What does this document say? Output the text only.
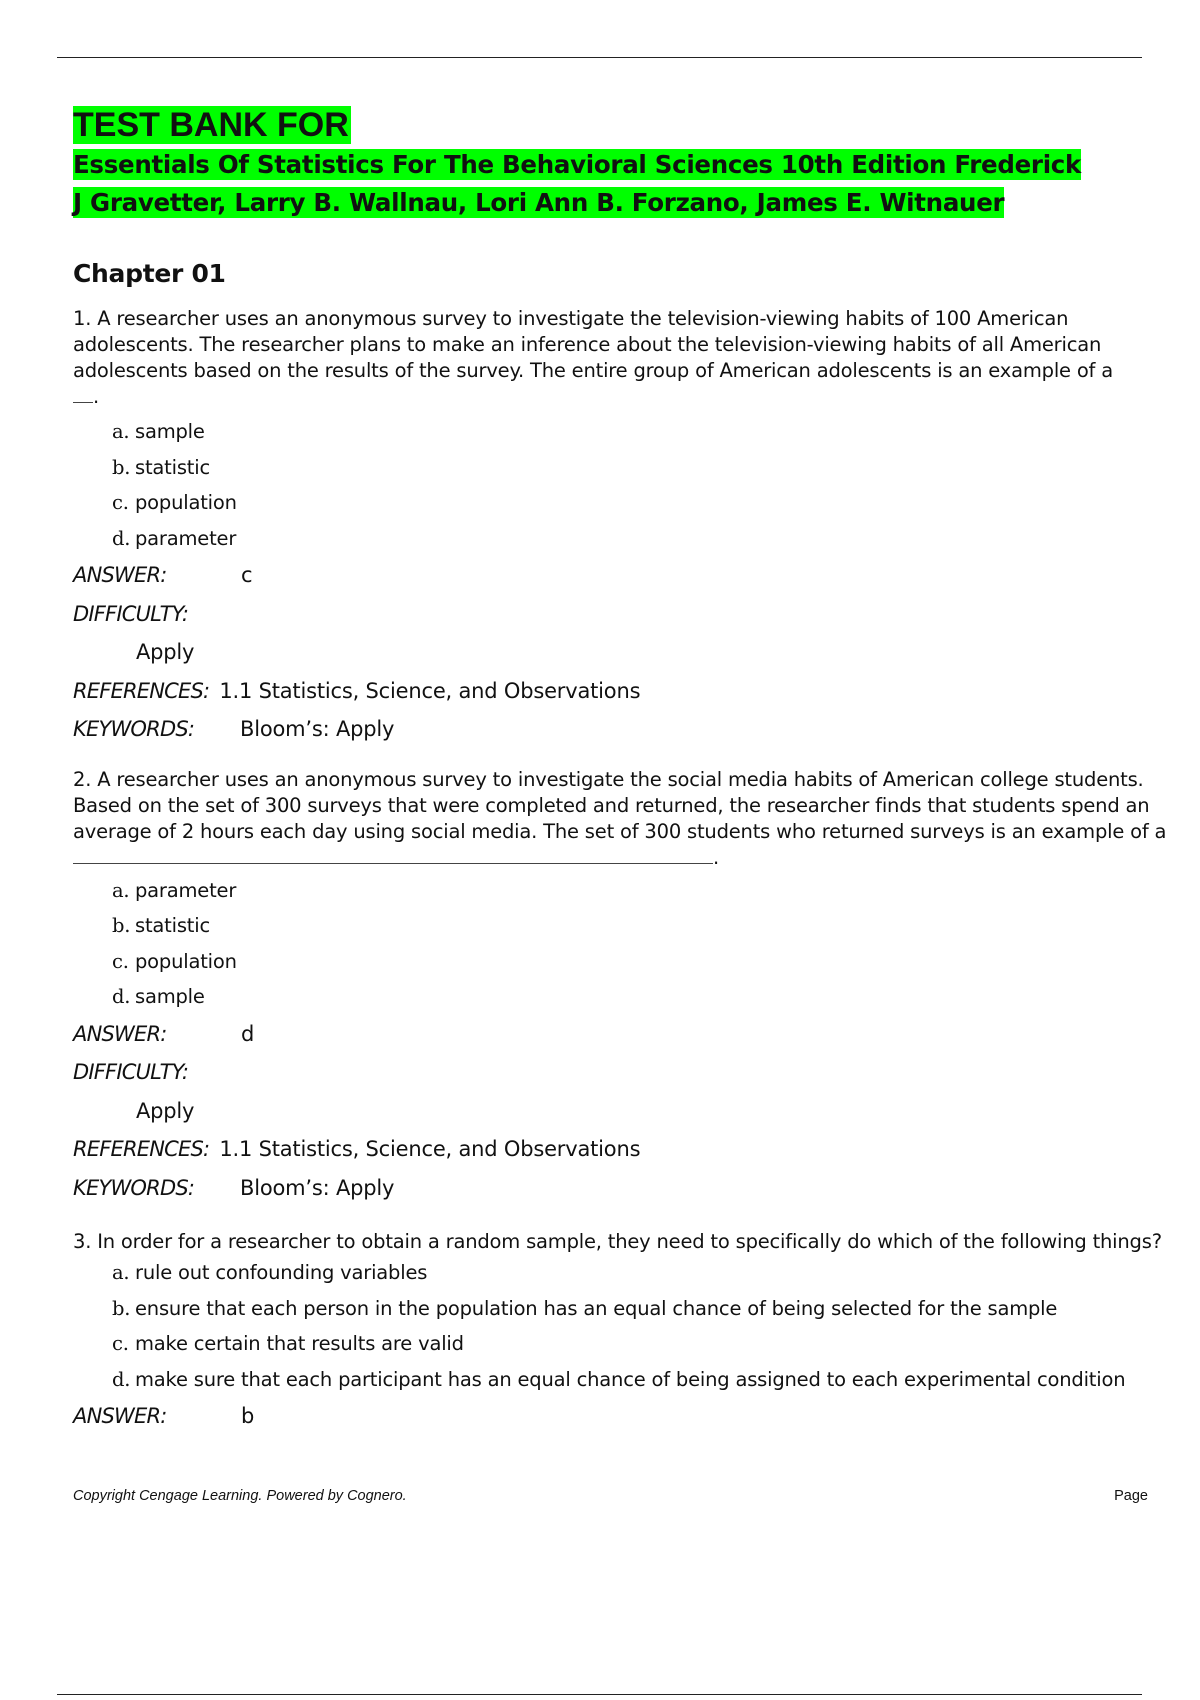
TEST BANK FOR
Essentials Of Statistics For The Behavioral Sciences 10th Edition Frederick J Gravetter, Larry B. Wallnau, Lori Ann B. Forzano, James E. Witnauer
Chapter 01
1. A researcher uses an anonymous survey to investigate the television-viewing habits of 100 American adolescents. The researcher plans to make an inference about the television-viewing habits of all American adolescents based on the results of the survey. The entire group of American adolescents is an example of a
.
a. sample
b. statistic
c. population
d. parameter
ANSWER:	c
DIFFICULTY:
Apply
REFERENCES: 1.1 Statistics, Science, and Observations
KEYWORDS: Bloom’s: Apply
2. A researcher uses an anonymous survey to investigate the social media habits of American college students. Based on the set of 300 surveys that were completed and returned, the researcher finds that students spend an average of 2 hours each day using social media. The set of 300 students who returned surveys is an example of a.
a. parameter
b. statistic
c. population
d. sample
ANSWER:	d
DIFFICULTY:
Apply
REFERENCES: 1.1 Statistics, Science, and Observations
KEYWORDS: Bloom’s: Apply
3. In order for a researcher to obtain a random sample, they need to specifically do which of the following things?
a. rule out confounding variables
b. ensure that each person in the population has an equal chance of being selected for the sample
c. make certain that results are valid
d. make sure that each participant has an equal chance of being assigned to each experimental condition
ANSWER:	b
Copyright Cengage Learning. Powered by Cognero.	Page
